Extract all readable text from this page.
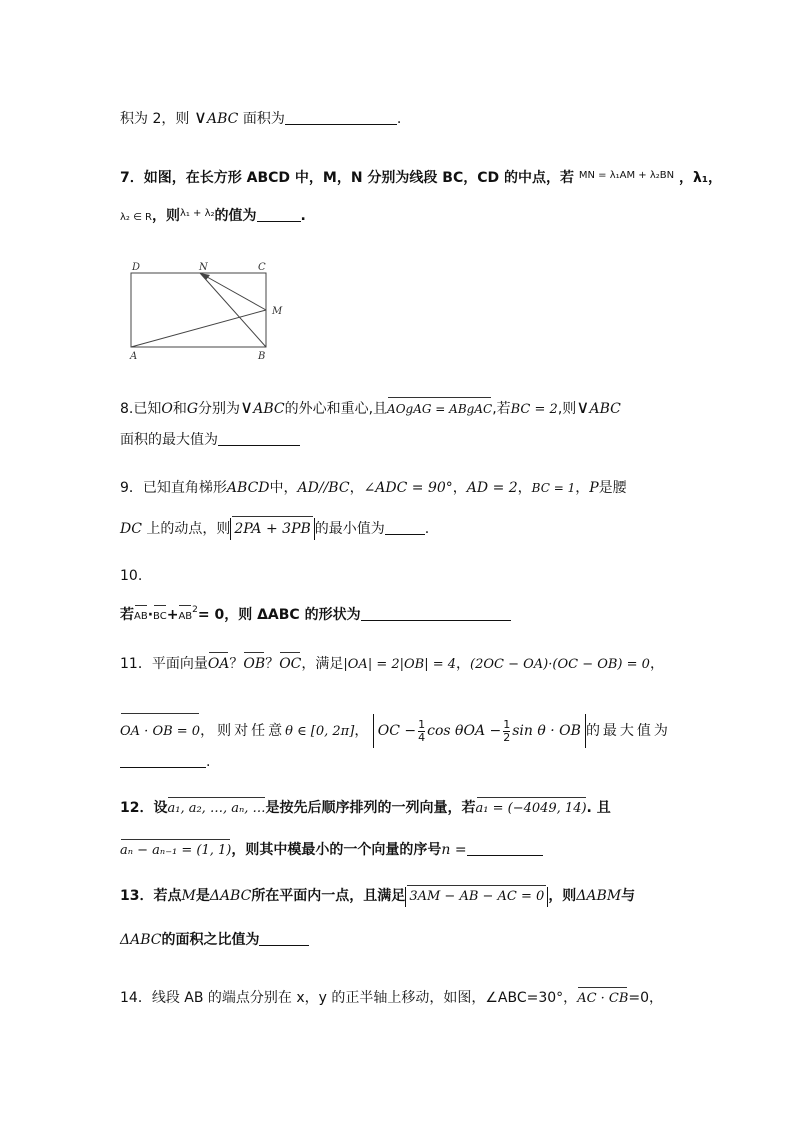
积为 2，则 ∨ABC 面积为	.
7．如图，在长方形 ABCD 中，M，N 分别为线段 BC，CD 的中点，若 $^{MN = \lambda_1AM + \lambda_2BN}$ ，λ₁，
λ₂ ∈ R，则$^{\lambda_1 + \lambda_2}$的值为	.
D	N	C
M
A	B
8.已知O和G分别为∨ABC的外心和重心,且AOgAG = ABgAC,若BC = 2,则∨ABC
面积的最大值为
9．已知直角梯形ABCD中，AD//BC，∠ADC = 90°，AD = 2，BC = 1，P是腰
DC 上的动点，则 2PA + 3PB 的最小值为	.
10.
若$AB\cdot BC+AB^2= 0$，则 ΔABC 的形状为
11．平面向量OA？OB？OC，满足|OA| = 2|OB| = 4，(2OC − OA)·(OC − OB) = 0，
OA · OB = 0，则对任意θ ∈ [0, 2π]， OC − $\frac{1}{4}$ $\cos \theta OA - \frac{1}{2}$ sin θ · OB 的最大值为
.
12．设a₁, a₂, …, aₙ, …是按先后顺序排列的一列向量，若a₁ = (−4049, 14). 且
aₙ − aₙ₋₁ = (1, 1)，则其中模最小的一个向量的序号n =
13．若点M是ΔABC所在平面内一点，且满足 3AM − AB − AC = 0 ，则ΔABM与
ΔABC的面积之比值为
14．线段 AB 的端点分别在 x，y 的正半轴上移动，如图，∠ABC=30°，AC · CB=0，
